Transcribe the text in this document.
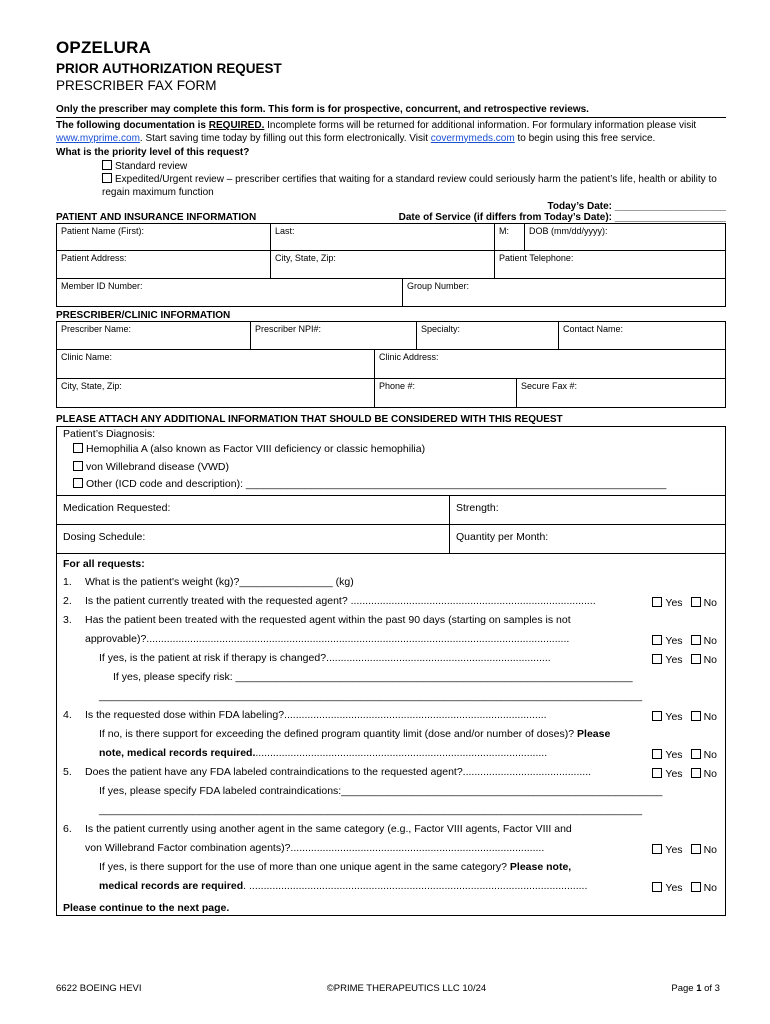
OPZELURA
PRIOR AUTHORIZATION REQUEST
PRESCRIBER FAX FORM
Only the prescriber may complete this form. This form is for prospective, concurrent, and retrospective reviews.
The following documentation is REQUIRED. Incomplete forms will be returned for additional information. For formulary information please visit www.myprime.com. Start saving time today by filling out this form electronically. Visit covermymeds.com to begin using this free service.
What is the priority level of this request?
Standard review
Expedited/Urgent review – prescriber certifies that waiting for a standard review could seriously harm the patient’s life, health or ability to regain maximum function
Today’s Date: ____________________
PATIENT AND INSURANCE INFORMATION	Date of Service (if differs from Today’s Date): ____________________
Patient Name (First):	Last:	M:	DOB (mm/dd/yyyy):
Patient Address:	City, State, Zip:	Patient Telephone:
Member ID Number:	Group Number:
PRESCRIBER/CLINIC INFORMATION
Prescriber Name:	Prescriber NPI#:	Specialty:	Contact Name:
Clinic Name:	Clinic Address:
City, State, Zip:	Phone #:	Secure Fax #:
PLEASE ATTACH ANY ADDITIONAL INFORMATION THAT SHOULD BE CONSIDERED WITH THIS REQUEST
Patient’s Diagnosis:
Hemophilia A (also known as Factor VIII deficiency or classic hemophilia)
von Willebrand disease (VWD)
Other (ICD code and description): ________________________________________________________________________
Medication Requested:	Strength:
Dosing Schedule:	Quantity per Month:
For all requests:
1.	What is the patient's weight (kg)?________________ (kg)
2.	Is the patient currently treated with the requested agent? ....................................................................................	Yes No
3.	Has the patient been treated with the requested agent within the past 90 days (starting on samples is not
approvable)?.................................................................................................................................................	Yes No
If yes, is the patient at risk if therapy is changed?.............................................................................	Yes No
If yes, please specify risk: ____________________________________________________________________
_____________________________________________________________________________________________
4.	Is the requested dose within FDA labeling?..........................................................................................	Yes No
If no, is there support for exceeding the defined program quantity limit (dose and/or number of doses)? Please
note, medical records required.....................................................................................................	Yes No
5.	Does the patient have any FDA labeled contraindications to the requested agent?............................................	Yes No
If yes, please specify FDA labeled contraindications:_______________________________________________________
_____________________________________________________________________________________________
6.	Is the patient currently using another agent in the same category (e.g., Factor VIII agents, Factor VIII and
von Willebrand Factor combination agents)?.......................................................................................	Yes No
If yes, is there support for the use of more than one unique agent in the same category? Please note,
medical records are required. ....................................................................................................................	Yes No
Please continue to the next page.
6622 BOEING HEVI	©PRIME THERAPEUTICS LLC 10/24	Page 1 of 3
